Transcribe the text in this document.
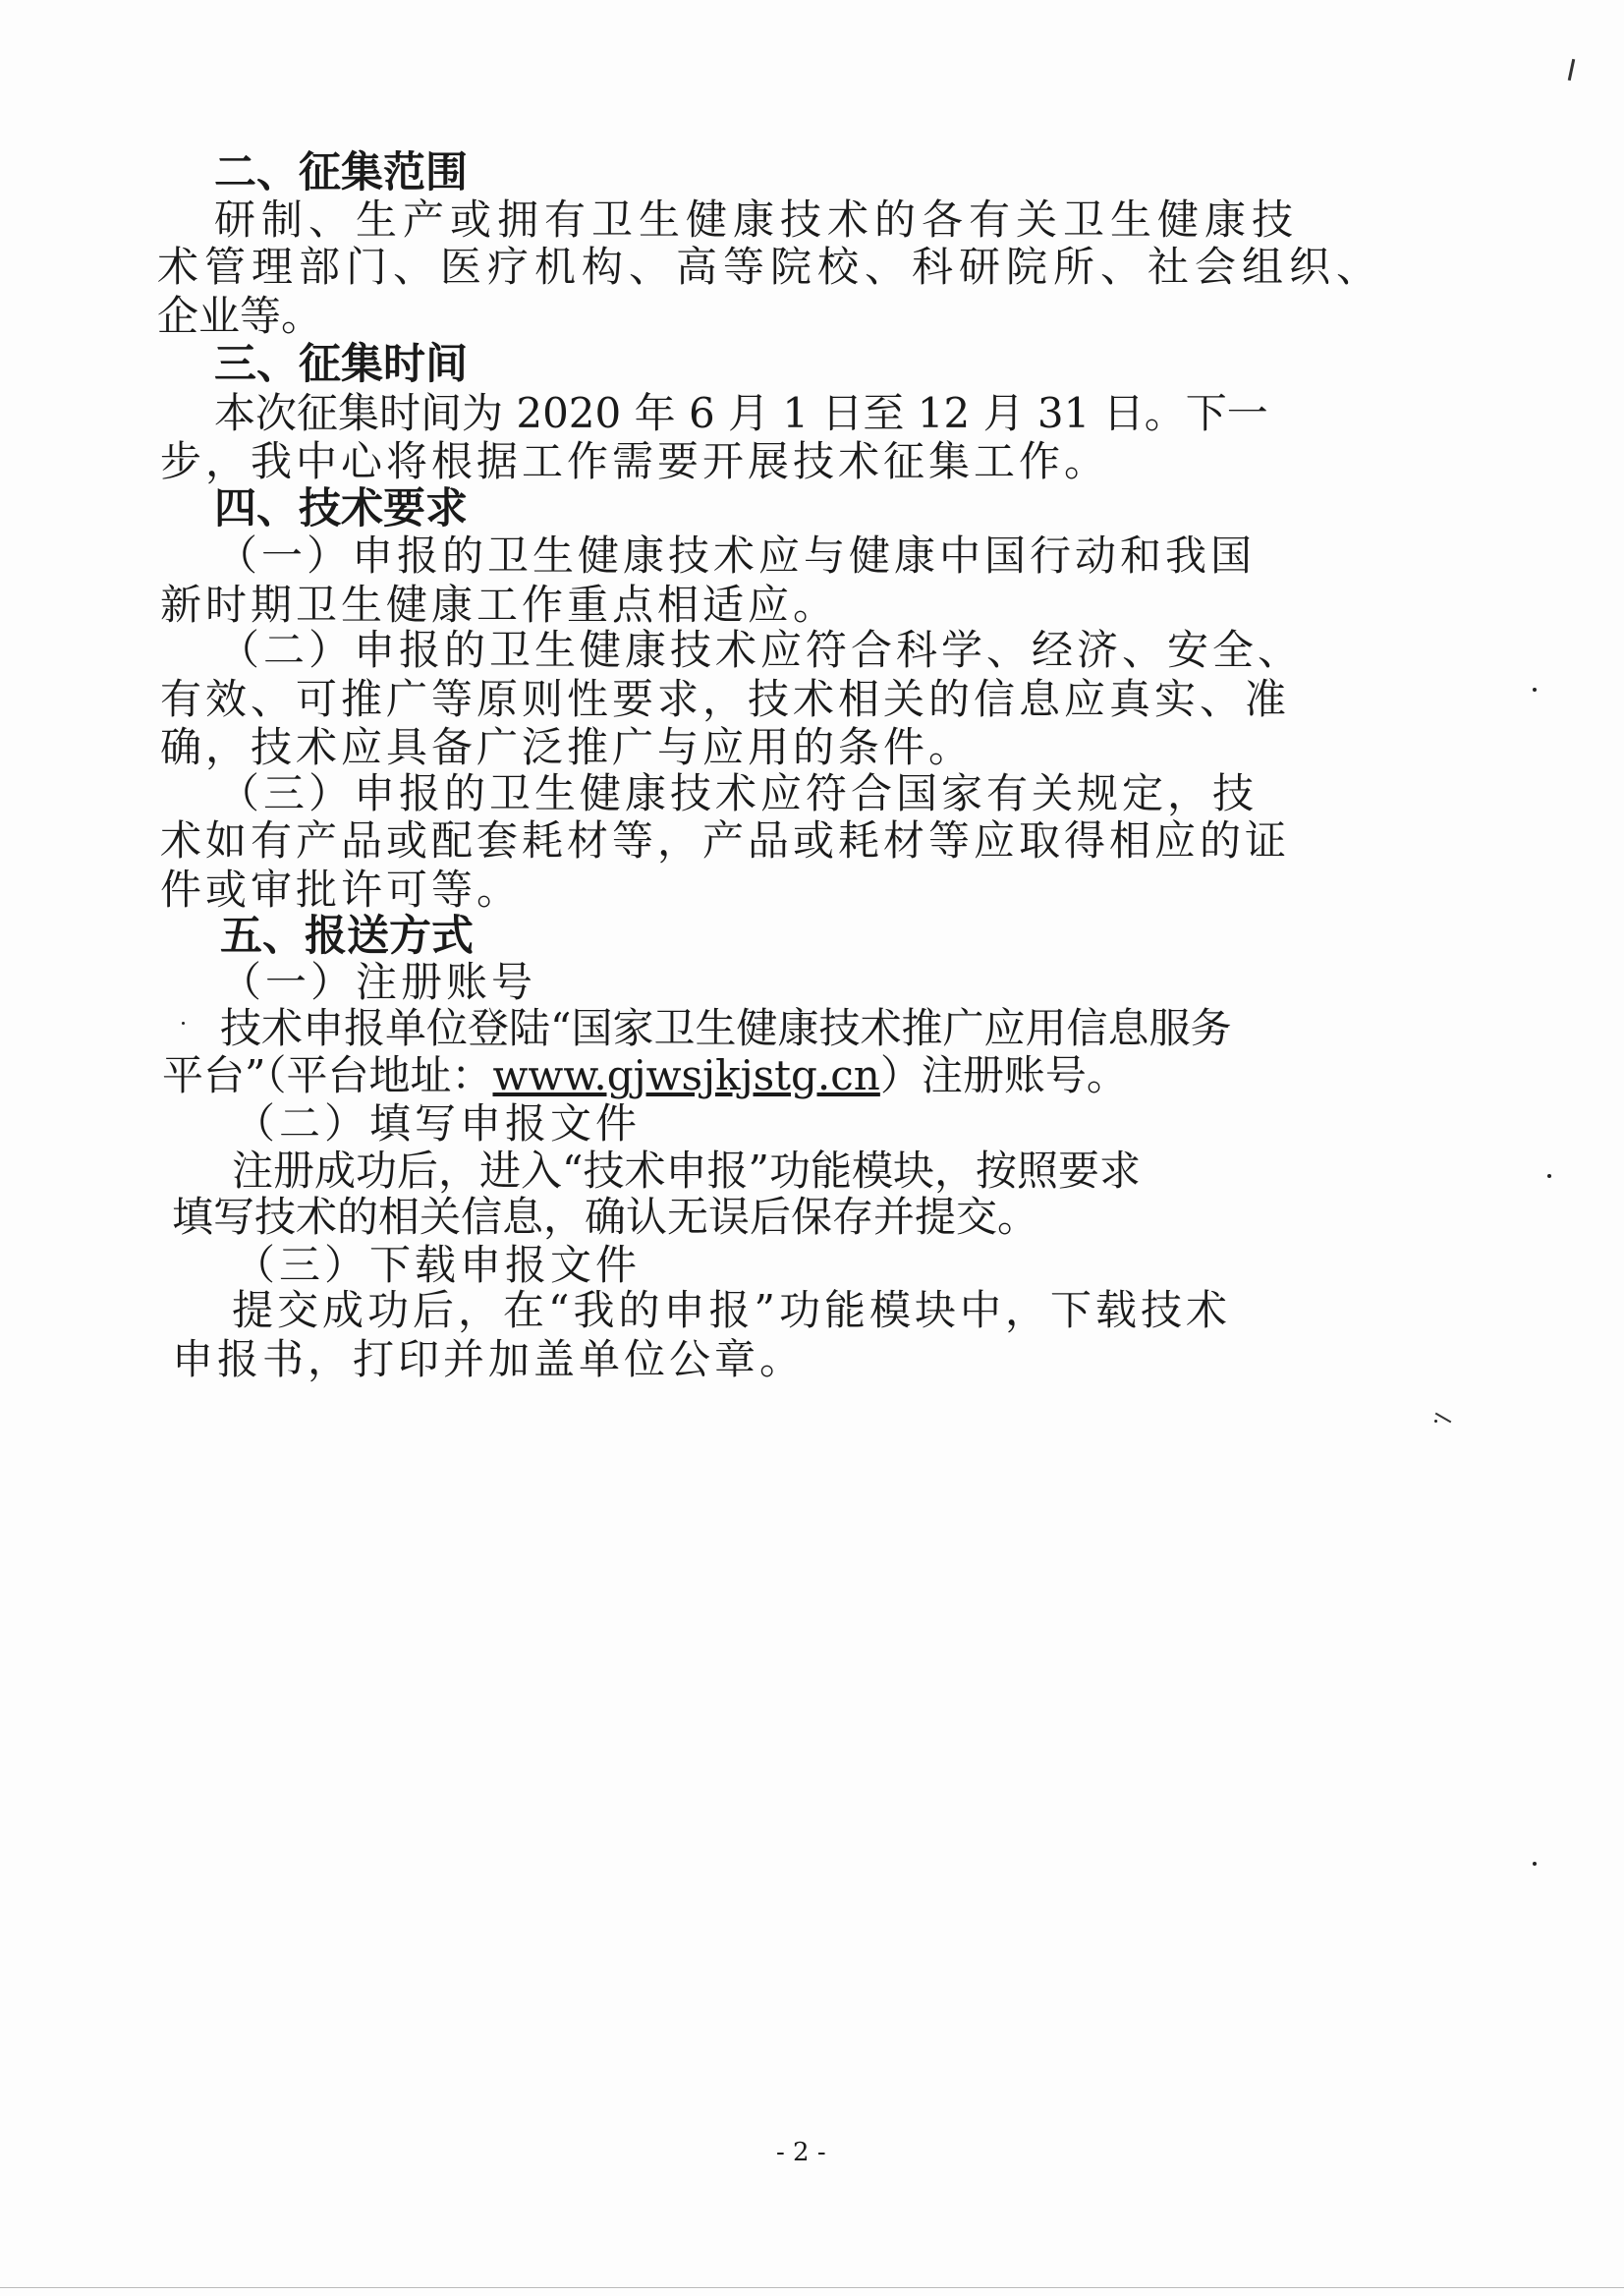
二、征集范围
研制、生产或拥有卫生健康技术的各有关卫生健康技
术管理部门、医疗机构、高等院校、科研院所、社会组织、
企业等。
三、征集时间
本次征集时间为 2020 年 6 月 1 日至 12 月 31 日。下一
步，我中心将根据工作需要开展技术征集工作。
四、技术要求
（一）申报的卫生健康技术应与健康中国行动和我国
新时期卫生健康工作重点相适应。
（二）申报的卫生健康技术应符合科学、经济、安全、
有效、可推广等原则性要求，技术相关的信息应真实、准
确，技术应具备广泛推广与应用的条件。
（三）申报的卫生健康技术应符合国家有关规定，技
术如有产品或配套耗材等，产品或耗材等应取得相应的证
件或审批许可等。
五、报送方式
（一）注册账号
技术申报单位登陆“国家卫生健康技术推广应用信息服务
平台”（平台地址：www.gjwsjkjstg.cn）注册账号。
（二）填写申报文件
注册成功后，进入“技术申报”功能模块，按照要求
填写技术的相关信息，确认无误后保存并提交。
（三）下载申报文件
提交成功后，在“我的申报”功能模块中，下载技术
申报书，打印并加盖单位公章。
- 2 -
